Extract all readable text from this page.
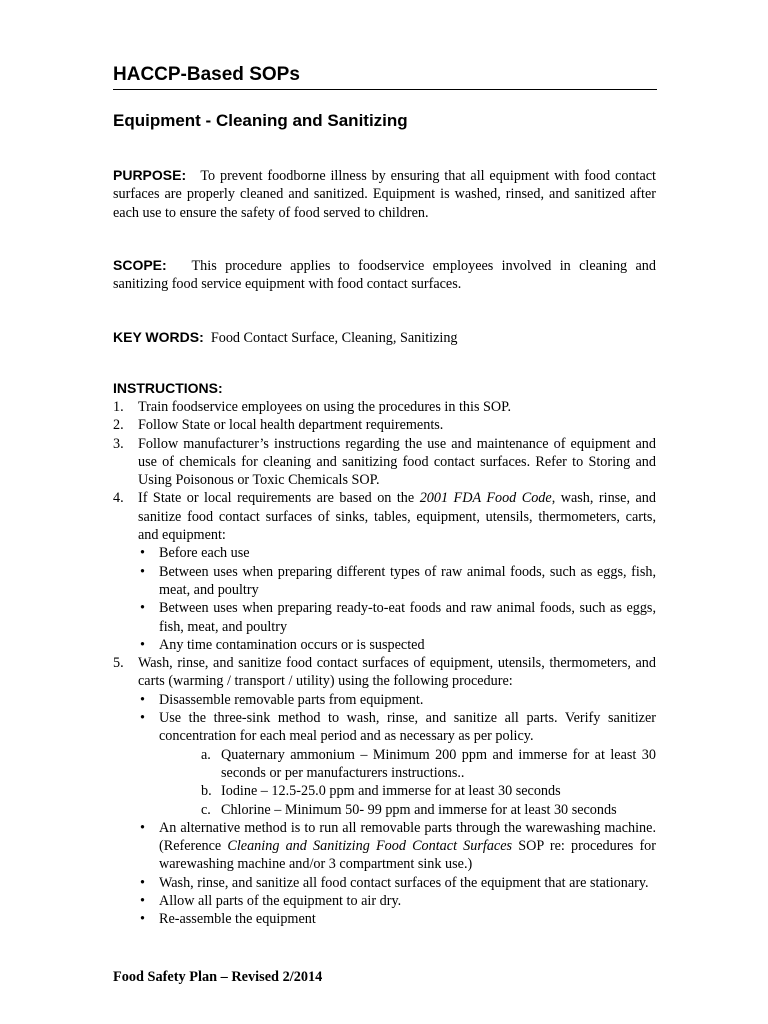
HACCP-Based SOPs
Equipment - Cleaning and Sanitizing
PURPOSE: To prevent foodborne illness by ensuring that all equipment with food contact surfaces are properly cleaned and sanitized. Equipment is washed, rinsed, and sanitized after each use to ensure the safety of food served to children.
SCOPE: This procedure applies to foodservice employees involved in cleaning and sanitizing food service equipment with food contact surfaces.
KEY WORDS: Food Contact Surface, Cleaning, Sanitizing
INSTRUCTIONS:
1. Train foodservice employees on using the procedures in this SOP.
2. Follow State or local health department requirements.
3. Follow manufacturer’s instructions regarding the use and maintenance of equipment and use of chemicals for cleaning and sanitizing food contact surfaces. Refer to Storing and Using Poisonous or Toxic Chemicals SOP.
4. If State or local requirements are based on the 2001 FDA Food Code, wash, rinse, and sanitize food contact surfaces of sinks, tables, equipment, utensils, thermometers, carts, and equipment:
• Before each use
• Between uses when preparing different types of raw animal foods, such as eggs, fish, meat, and poultry
• Between uses when preparing ready-to-eat foods and raw animal foods, such as eggs, fish, meat, and poultry
• Any time contamination occurs or is suspected
5. Wash, rinse, and sanitize food contact surfaces of equipment, utensils, thermometers, and carts (warming / transport / utility) using the following procedure:
• Disassemble removable parts from equipment.
• Use the three-sink method to wash, rinse, and sanitize all parts. Verify sanitizer concentration for each meal period and as necessary as per policy.
a. Quaternary ammonium – Minimum 200 ppm and immerse for at least 30 seconds or per manufacturers instructions..
b. Iodine – 12.5-25.0 ppm and immerse for at least 30 seconds
c. Chlorine – Minimum 50- 99 ppm and immerse for at least 30 seconds
• An alternative method is to run all removable parts through the warewashing machine. (Reference Cleaning and Sanitizing Food Contact Surfaces SOP re: procedures for warewashing machine and/or 3 compartment sink use.)
• Wash, rinse, and sanitize all food contact surfaces of the equipment that are stationary.
• Allow all parts of the equipment to air dry.
• Re-assemble the equipment
Food Safety Plan – Revised 2/2014
